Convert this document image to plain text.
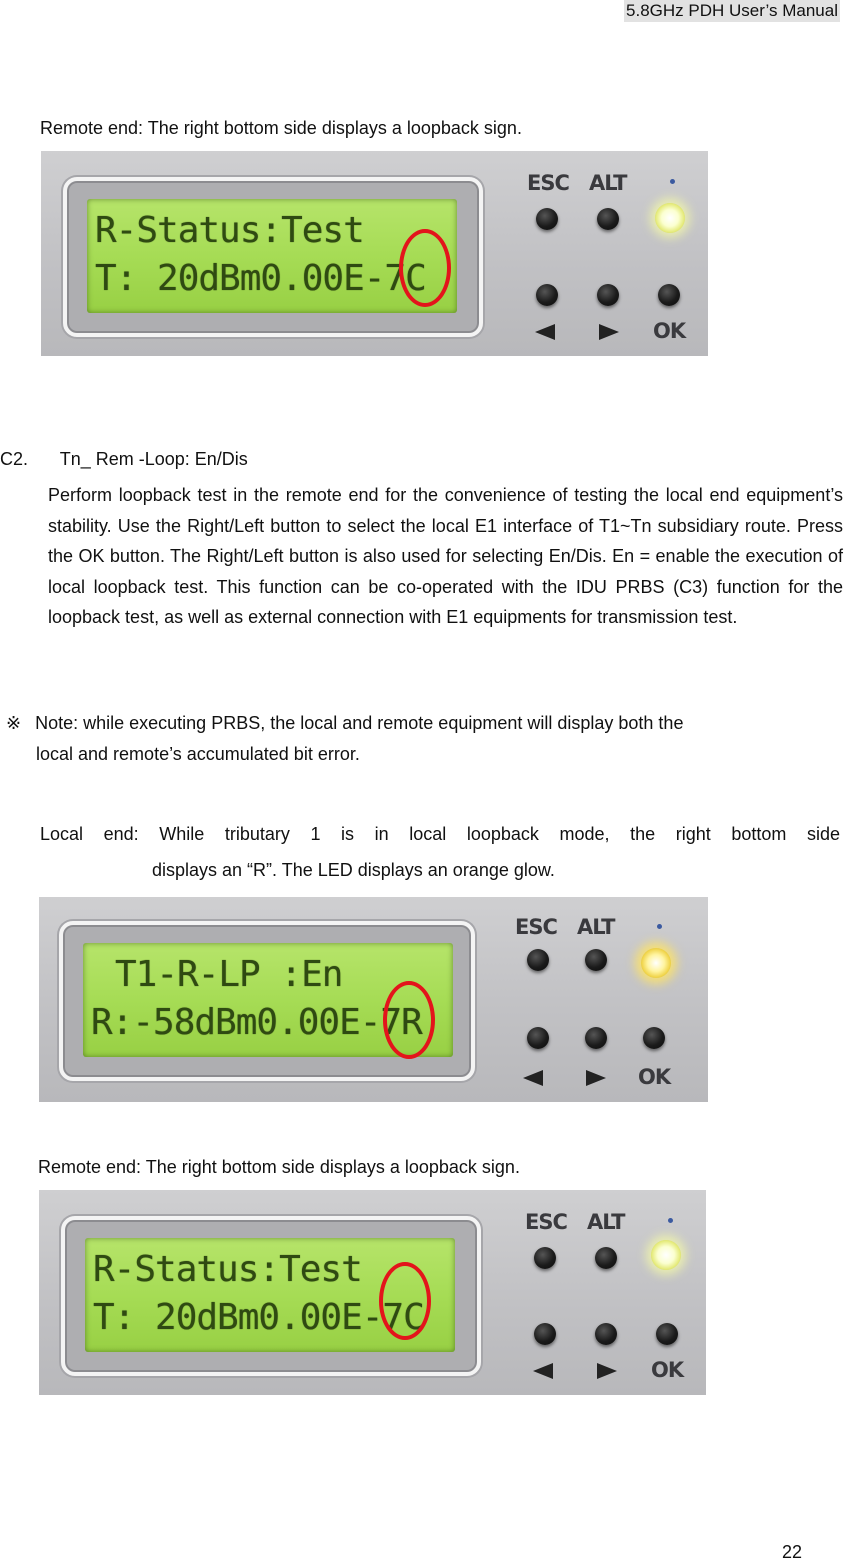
5.8GHz PDH User’s Manual
Remote end: The right bottom side displays a loopback sign.
R-Status:Test
T: 20dBm0.00E-7C
ESC ALT
OK
C2. Tn_ Rem -Loop: En/Dis
Perform loopback test in the remote end for the convenience of testing the local end equipment’s stability. Use the Right/Left button to select the local E1 interface of T1~Tn subsidiary route. Press the OK button. The Right/Left button is also used for selecting En/Dis. En = enable the execution of local loopback test. This function can be co-operated with the IDU PRBS (C3) function for the loopback test, as well as external connection with E1 equipments for transmission test.
※ Note: while executing PRBS, the local and remote equipment will display both the
local and remote’s accumulated bit error.
Local end: While tributary 1 is in local loopback mode, the right bottom side
displays an “R”. The LED displays an orange glow.
T1-R-LP :En
R:-58dBm0.00E-7R
ESC ALT
OK
Remote end: The right bottom side displays a loopback sign.
R-Status:Test
T: 20dBm0.00E-7C
ESC ALT
OK
22
